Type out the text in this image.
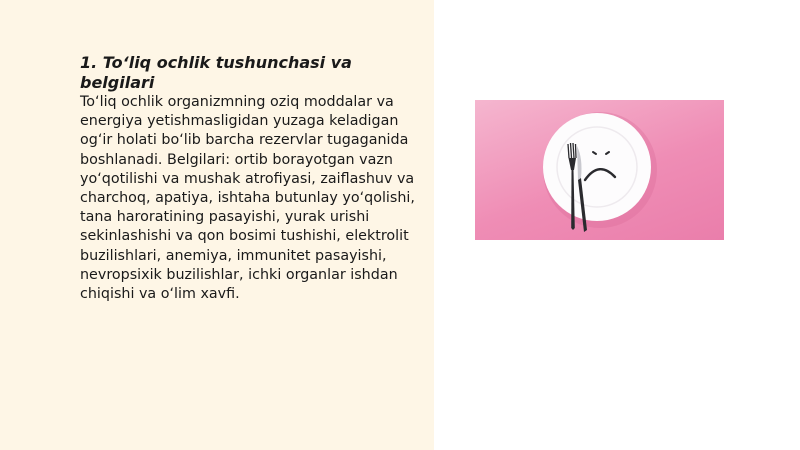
1. To‘liq ochlik tushunchasi va belgilari

To‘liq ochlik organizmning oziq moddalar va energiya yetishmasligidan yuzaga keladigan og‘ir holati bo‘lib barcha rezervlar tugaganida boshlanadi. Belgilari: ortib borayotgan vazn yo‘qotilishi va mushak atrofiyasi, zaiflashuv va charchoq, apatiya, ishtaha butunlay yo‘qolishi, tana haroratining pasayishi, yurak urishi sekinlashishi va qon bosimi tushishi, elektrolit buzilishlari, anemiya, immunitet pasayishi, nevropsixik buzilishlar, ichki organlar ishdan chiqishi va o‘lim xavfi.
